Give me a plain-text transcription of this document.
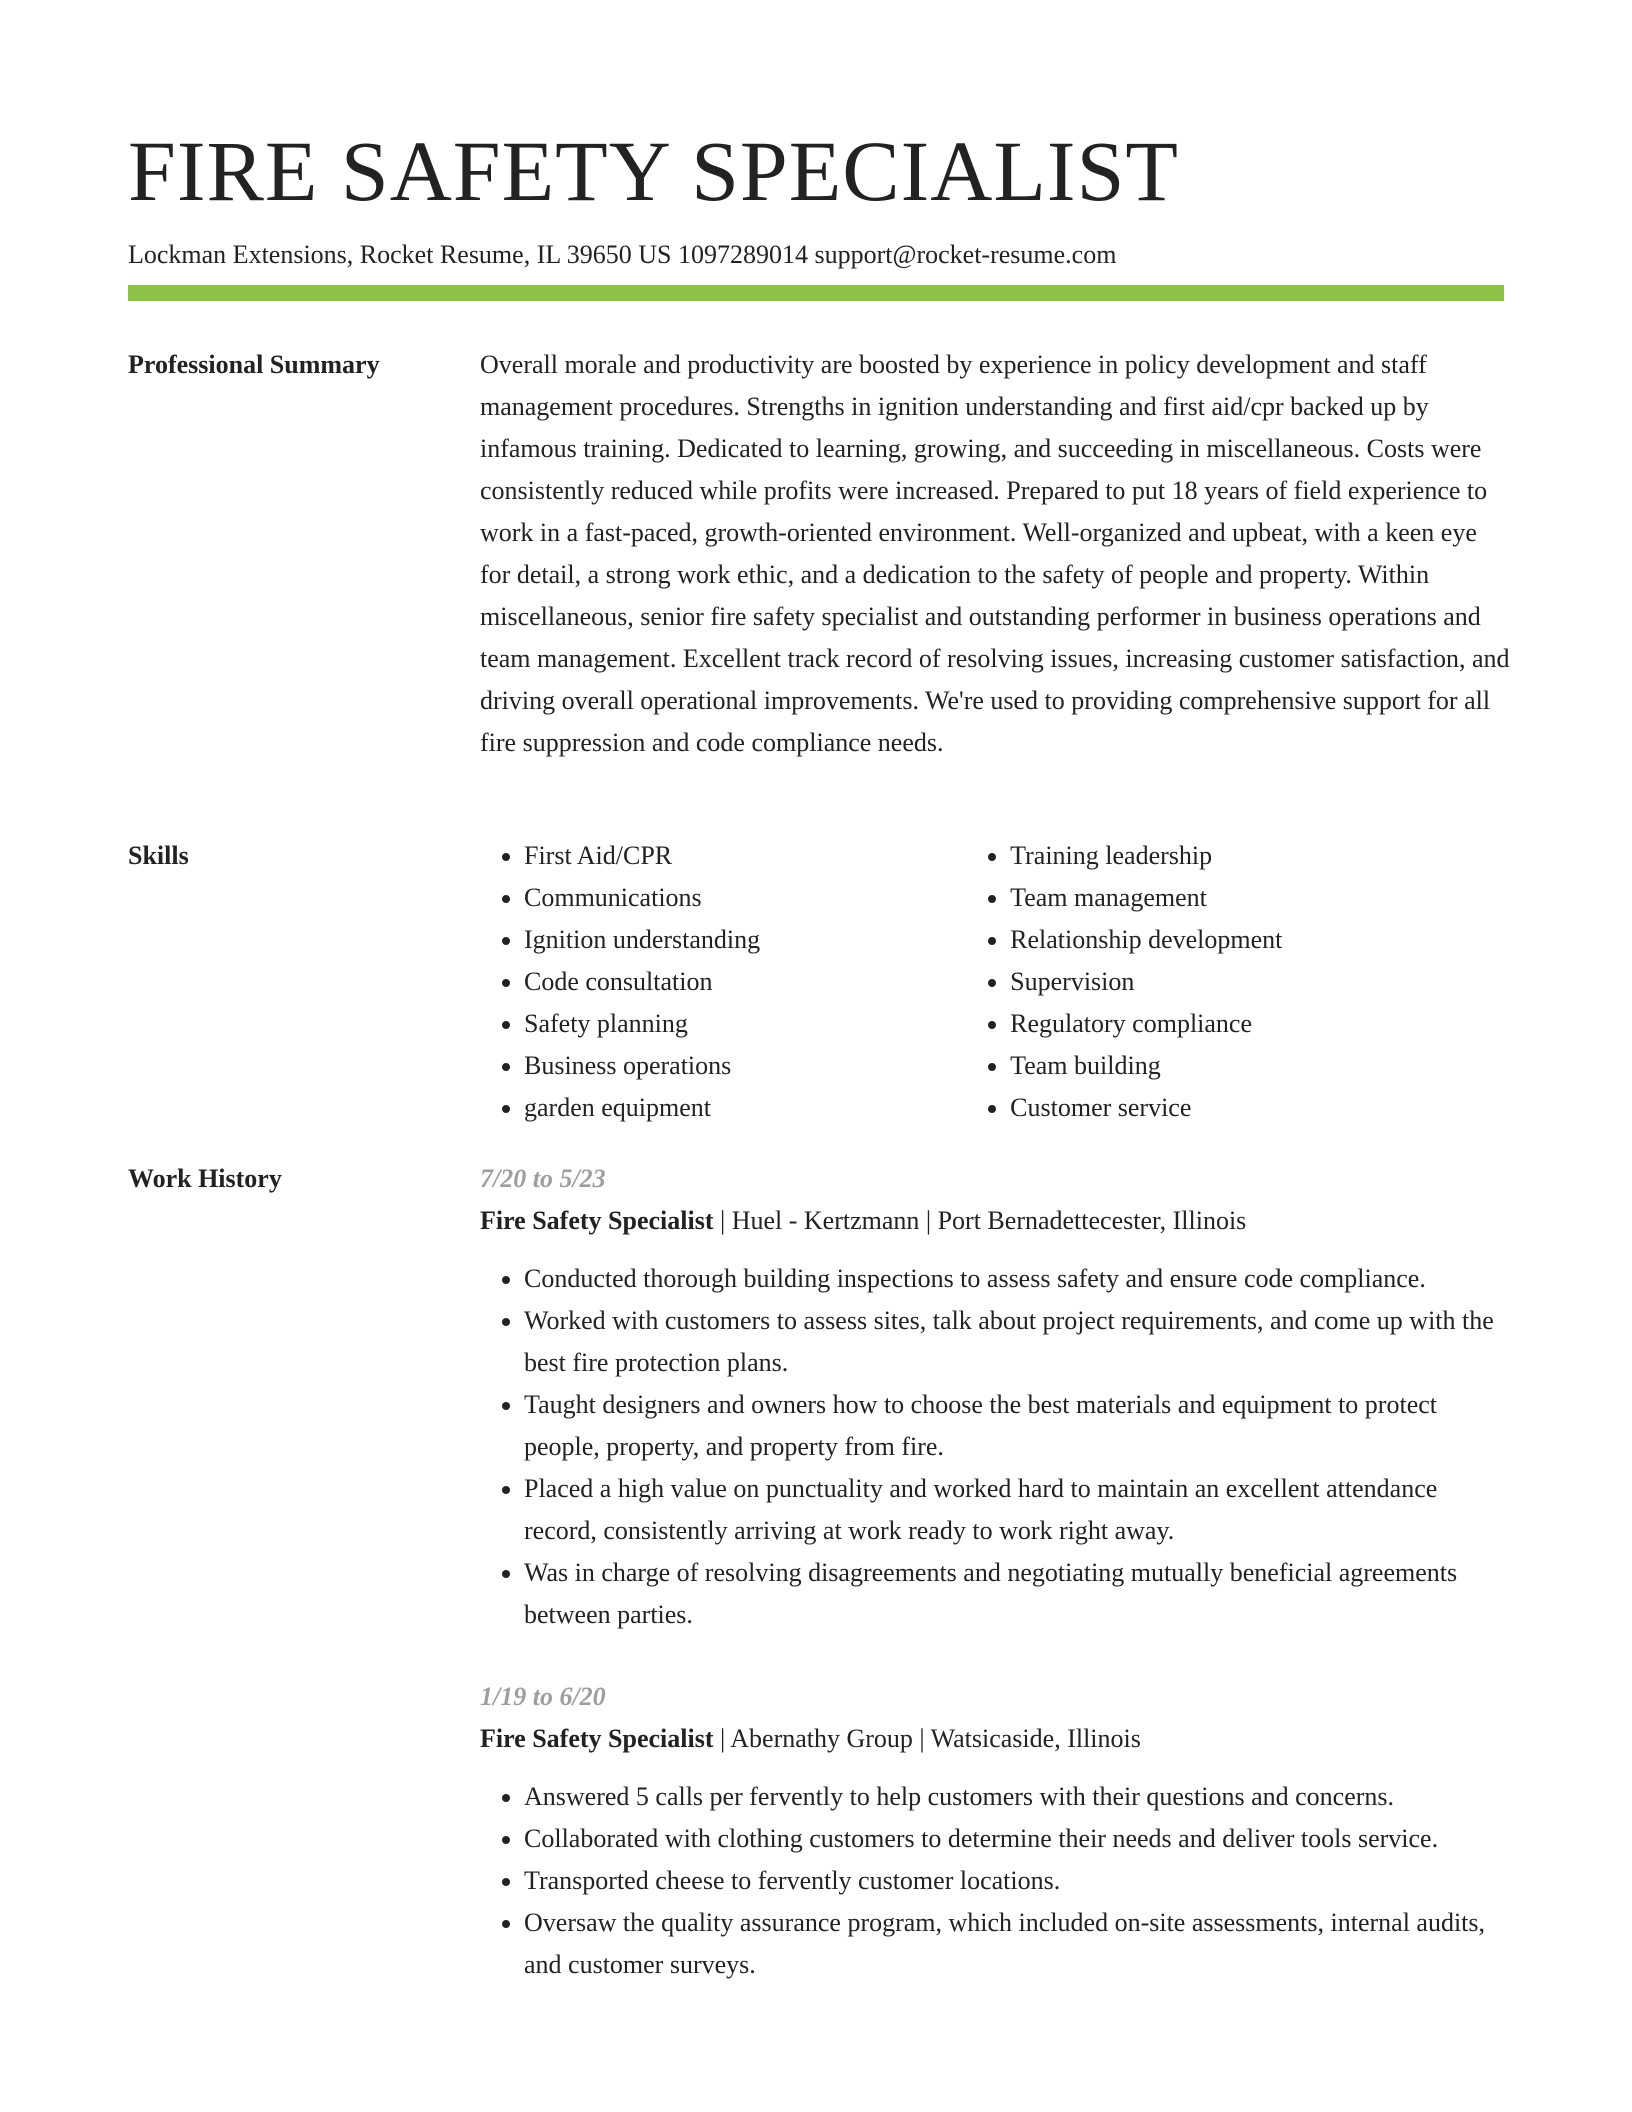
FIRE SAFETY SPECIALIST
Lockman Extensions, Rocket Resume, IL 39650 US 1097289014 support@rocket-resume.com
Professional Summary	Overall morale and productivity are boosted by experience in policy development and staff management procedures. Strengths in ignition understanding and first aid/cpr backed up by infamous training. Dedicated to learning, growing, and succeeding in miscellaneous. Costs were consistently reduced while profits were increased. Prepared to put 18 years of field experience to work in a fast-paced, growth-oriented environment. Well-organized and upbeat, with a keen eye for detail, a strong work ethic, and a dedication to the safety of people and property. Within miscellaneous, senior fire safety specialist and outstanding performer in business operations and team management. Excellent track record of resolving issues, increasing customer satisfaction, and driving overall operational improvements. We're used to providing comprehensive support for all fire suppression and code compliance needs.

Skills
•	First Aid/CPR
• Communications
• Ignition understanding
• Code consultation
• Safety planning
• Business operations
• garden equipment
• Training leadership
• Team management
• Relationship development
• Supervision
• Regulatory compliance
• Team building
• Customer service
Work History	7/20 to 5/23
Fire Safety Specialist | Huel - Kertzmann | Port Bernadettecester, Illinois
• Conducted thorough building inspections to assess safety and ensure code compliance.
• Worked with customers to assess sites, talk about project requirements, and come up with the best fire protection plans.
• Taught designers and owners how to choose the best materials and equipment to protect people, property, and property from fire.
• Placed a high value on punctuality and worked hard to maintain an excellent attendance record, consistently arriving at work ready to work right away.
• Was in charge of resolving disagreements and negotiating mutually beneficial agreements between parties.
1/19 to 6/20
Fire Safety Specialist | Abernathy Group | Watsicaside, Illinois
• Answered 5 calls per fervently to help customers with their questions and concerns.
• Collaborated with clothing customers to determine their needs and deliver tools service.
• Transported cheese to fervently customer locations.
• Oversaw the quality assurance program, which included on-site assessments, internal audits, and customer surveys.
